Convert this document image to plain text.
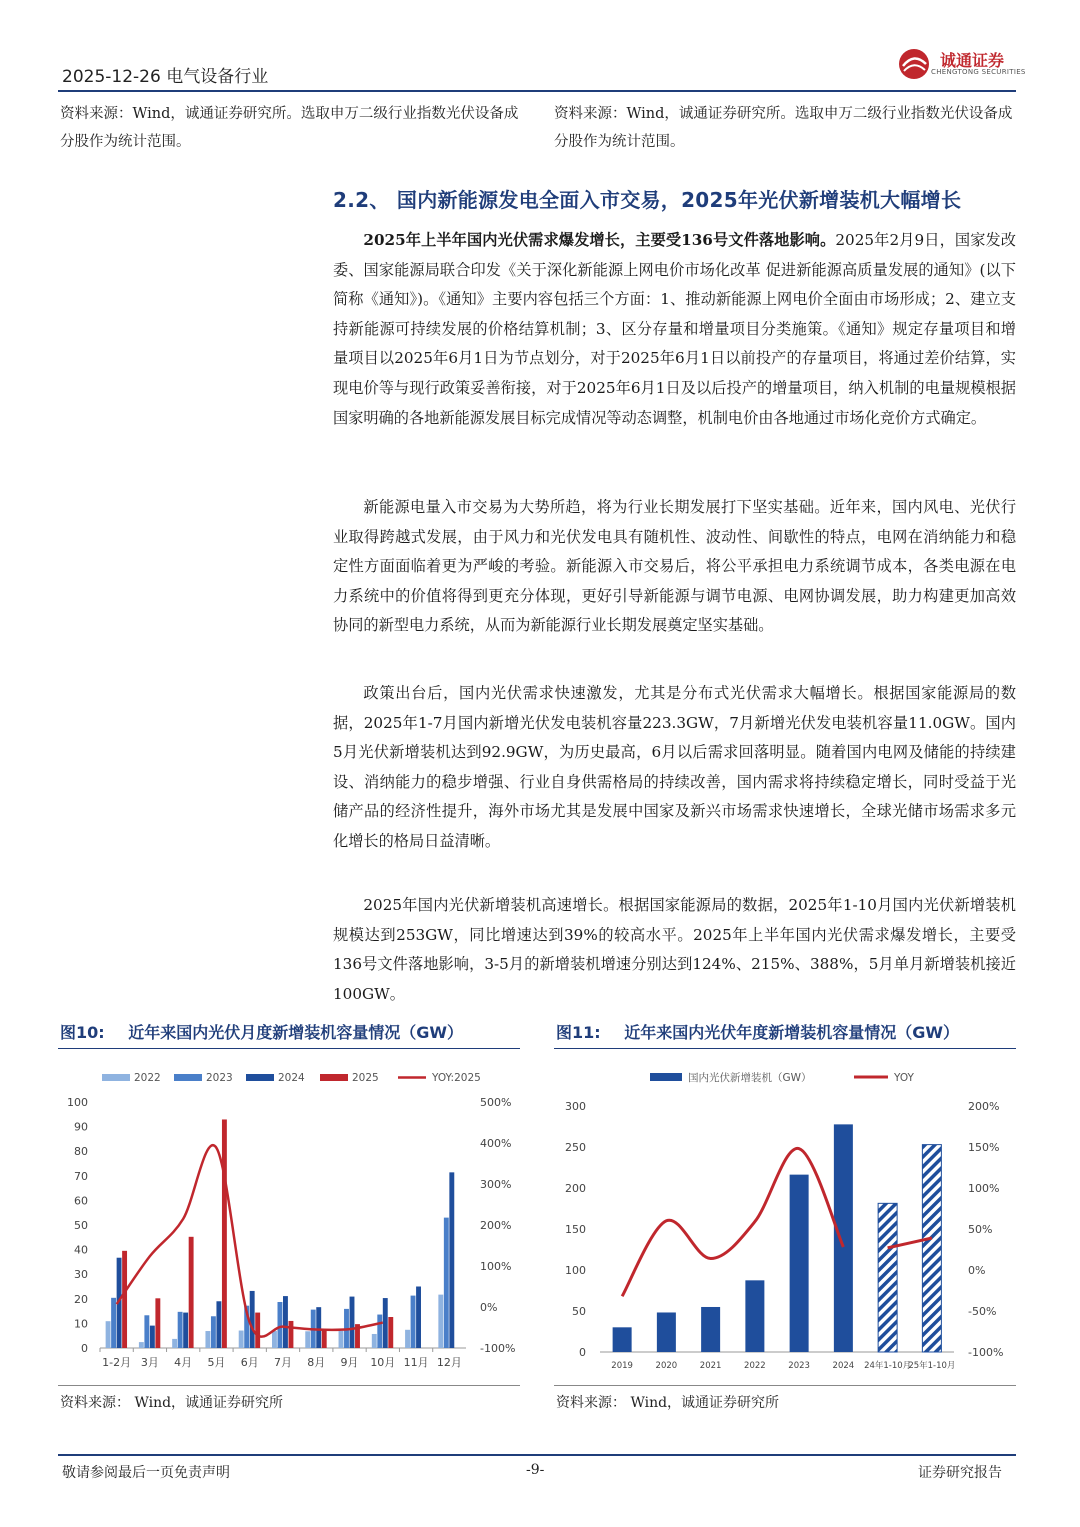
2025-12-26 电气设备行业
诚通证券
CHENGTONG SECURITIES
资料来源：Wind，诚通证券研究所。选取申万二级行业指数光伏设备成分股作为统计范围。
资料来源：Wind，诚通证券研究所。选取申万二级行业指数光伏设备成分股作为统计范围。
2.2、 国内新能源发电全面入市交易，2025年光伏新增装机大幅增长

2025年上半年国内光伏需求爆发增长，主要受136号文件落地影响。2025年2月9日，国家发改委、国家能源局联合印发《关于深化新能源上网电价市场化改革 促进新能源高质量发展的通知》(以下简称《通知》)。《通知》主要内容包括三个方面：1、推动新能源上网电价全面由市场形成；2、建立支持新能源可持续发展的价格结算机制；3、区分存量和增量项目分类施策。《通知》规定存量项目和增量项目以2025年6月1日为节点划分，对于2025年6月1日以前投产的存量项目，将通过差价结算，实现电价等与现行政策妥善衔接，对于2025年6月1日及以后投产的增量项目，纳入机制的电量规模根据国家明确的各地新能源发展目标完成情况等动态调整，机制电价由各地通过市场化竞价方式确定。

新能源电量入市交易为大势所趋，将为行业长期发展打下坚实基础。近年来，国内风电、光伏行业取得跨越式发展，由于风力和光伏发电具有随机性、波动性、间歇性的特点，电网在消纳能力和稳定性方面面临着更为严峻的考验。新能源入市交易后，将公平承担电力系统调节成本，各类电源在电力系统中的价值将得到更充分体现，更好引导新能源与调节电源、电网协调发展，助力构建更加高效协同的新型电力系统，从而为新能源行业长期发展奠定坚实基础。

政策出台后，国内光伏需求快速激发，尤其是分布式光伏需求大幅增长。根据国家能源局的数据，2025年1-7月国内新增光伏发电装机容量223.3GW，7月新增光伏发电装机容量11.0GW。国内5月光伏新增装机达到92.9GW，为历史最高，6月以后需求回落明显。随着国内电网及储能的持续建设、消纳能力的稳步增强、行业自身供需格局的持续改善，国内需求将持续稳定增长，同时受益于光储产品的经济性提升，海外市场尤其是发展中国家及新兴市场需求快速增长，全球光储市场需求多元化增长的格局日益清晰。

2025年国内光伏新增装机高速增长。根据国家能源局的数据，2025年1-10月国内光伏新增装机规模达到253GW，同比增速达到39%的较高水平。2025年上半年国内光伏需求爆发增长，主要受136号文件落地影响，3-5月的新增装机增速分别达到124%、215%、388%，5月单月新增装机接近100GW。

图10: 近年来国内光伏月度新增装机容量情况（GW）
2022	2023	2024	2025	YOY:2025
0
10
20
30
40
50
60
70
80
90
100
-100%
0%
100%
200%
300%
400%
500%
1-2月 3月 4月 5月 6月 7月 8月 9月 10月 11月 12月
资料来源： Wind，诚通证券研究所
图11: 近年来国内光伏年度新增装机容量情况（GW）
国内光伏新增装机（GW）	YOY
0
50
100
150
200
250
300
-100%
-50%
0%
50%
100%
150%
200%
2019	2020	2021	2022	2023	2024 24年1-10月
25年1-10月
资料来源： Wind，诚通证券研究所
敬请参阅最后一页免责声明	-9-	证券研究报告
